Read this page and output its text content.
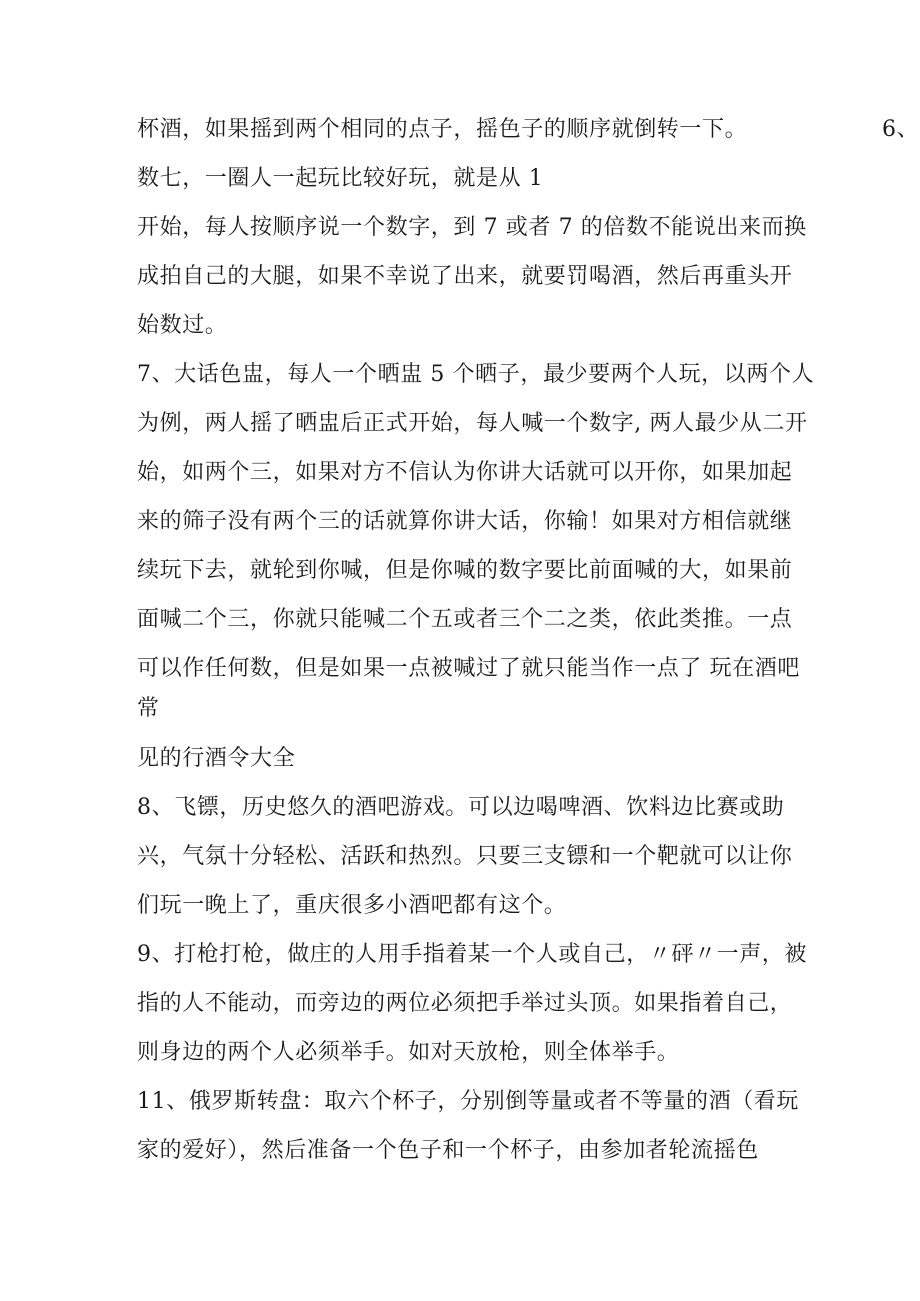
杯酒，如果摇到两个相同的点子，摇色子的顺序就倒转一下。	6、
数七，一圈人一起玩比较好玩，就是从 1
开始，每人按顺序说一个数字，到 7 或者 7 的倍数不能说出来而换
成拍自己的大腿，如果不幸说了出来，就要罚喝酒，然后再重头开
始数过。
7、大话色盅，每人一个晒盅 5 个晒子，最少要两个人玩，以两个人
为例，两人摇了晒盅后正式开始，每人喊一个数字, 两人最少从二开
始，如两个三，如果对方不信认为你讲大话就可以开你，如果加起
来的筛子没有两个三的话就算你讲大话，你输！如果对方相信就继
续玩下去，就轮到你喊，但是你喊的数字要比前面喊的大，如果前
面喊二个三，你就只能喊二个五或者三个二之类，依此类推。一点
可以作任何数，但是如果一点被喊过了就只能当作一点了 玩在酒吧
常
见的行酒令大全
8、飞镖，历史悠久的酒吧游戏。可以边喝啤酒、饮料边比赛或助
兴，气氛十分轻松、活跃和热烈。只要三支镖和一个靶就可以让你
们玩一晚上了，重庆很多小酒吧都有这个。
9、打枪打枪，做庄的人用手指着某一个人或自己，〃砰〃一声，被
指的人不能动，而旁边的两位必须把手举过头顶。如果指着自己，
则身边的两个人必须举手。如对天放枪，则全体举手。
11、俄罗斯转盘：取六个杯子，分别倒等量或者不等量的酒（看玩
家的爱好），然后准备一个色子和一个杯子，由参加者轮流摇色
